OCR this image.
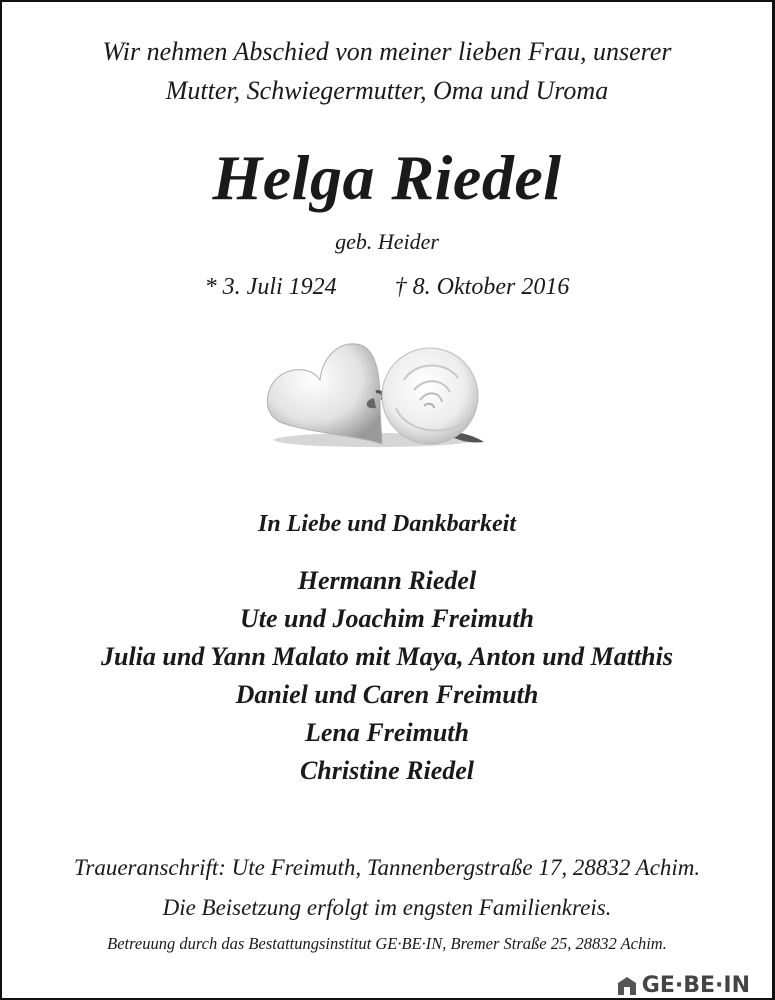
Wir nehmen Abschied von meiner lieben Frau, unserer
Mutter, Schwiegermutter, Oma und Uroma
Helga Riedel
geb. Heider
* 3. Juli 1924 † 8. Oktober 2016
In Liebe und Dankbarkeit
Hermann Riedel
Ute und Joachim Freimuth
Julia und Yann Malato mit Maya, Anton und Matthis
Daniel und Caren Freimuth
Lena Freimuth
Christine Riedel
Traueranschrift: Ute Freimuth, Tannenbergstraße 17, 28832 Achim.
Die Beisetzung erfolgt im engsten Familienkreis.
Betreuung durch das Bestattungsinstitut GE·BE·IN, Bremer Straße 25, 28832 Achim.
GE·BE·IN
